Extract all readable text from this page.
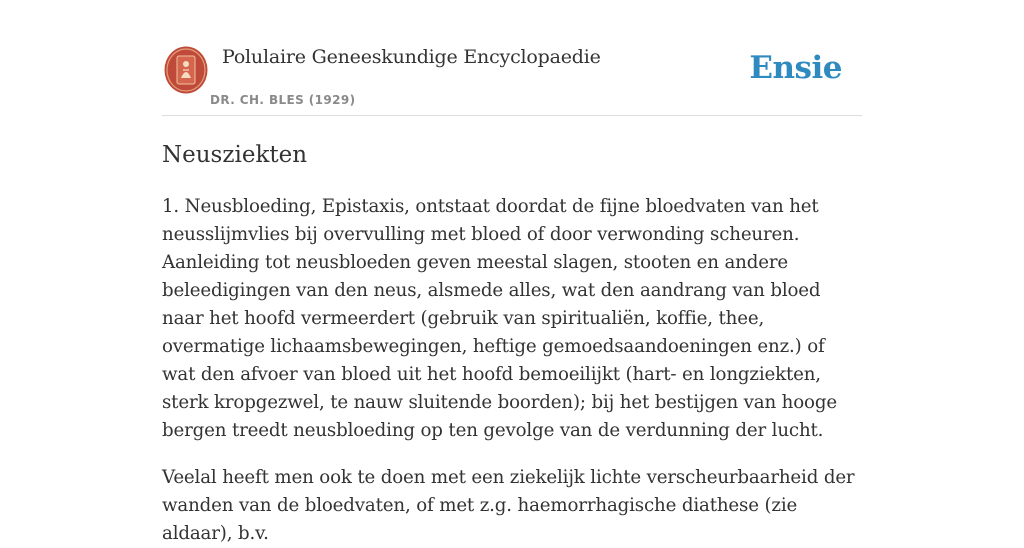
Polulaire Geneeskundige Encyclopaedie
DR. CH. BLES (1929)
Ensie
Neusziekten

1. Neusbloeding, Epistaxis, ontstaat doordat de fijne bloedvaten van het neusslijmvlies bij overvulling met bloed of door verwonding scheuren. Aanleiding tot neusbloeden geven meestal slagen, stooten en andere beleedigingen van den neus, alsmede alles, wat den aandrang van bloed naar het hoofd vermeerdert (gebruik van spiritualiën, koffie, thee, overmatige lichaamsbewegingen, heftige gemoedsaandoeningen enz.) of wat den afvoer van bloed uit het hoofd bemoeilijkt (hart- en longziekten, sterk kropgezwel, te nauw sluitende boorden); bij het bestijgen van hooge bergen treedt neusbloeding op ten gevolge van de verdunning der lucht.

Veelal heeft men ook te doen met een ziekelijk lichte verscheurbaarheid der wanden van de bloedvaten, of met z.g. haemorrhagische diathese (zie aldaar), b.v.
